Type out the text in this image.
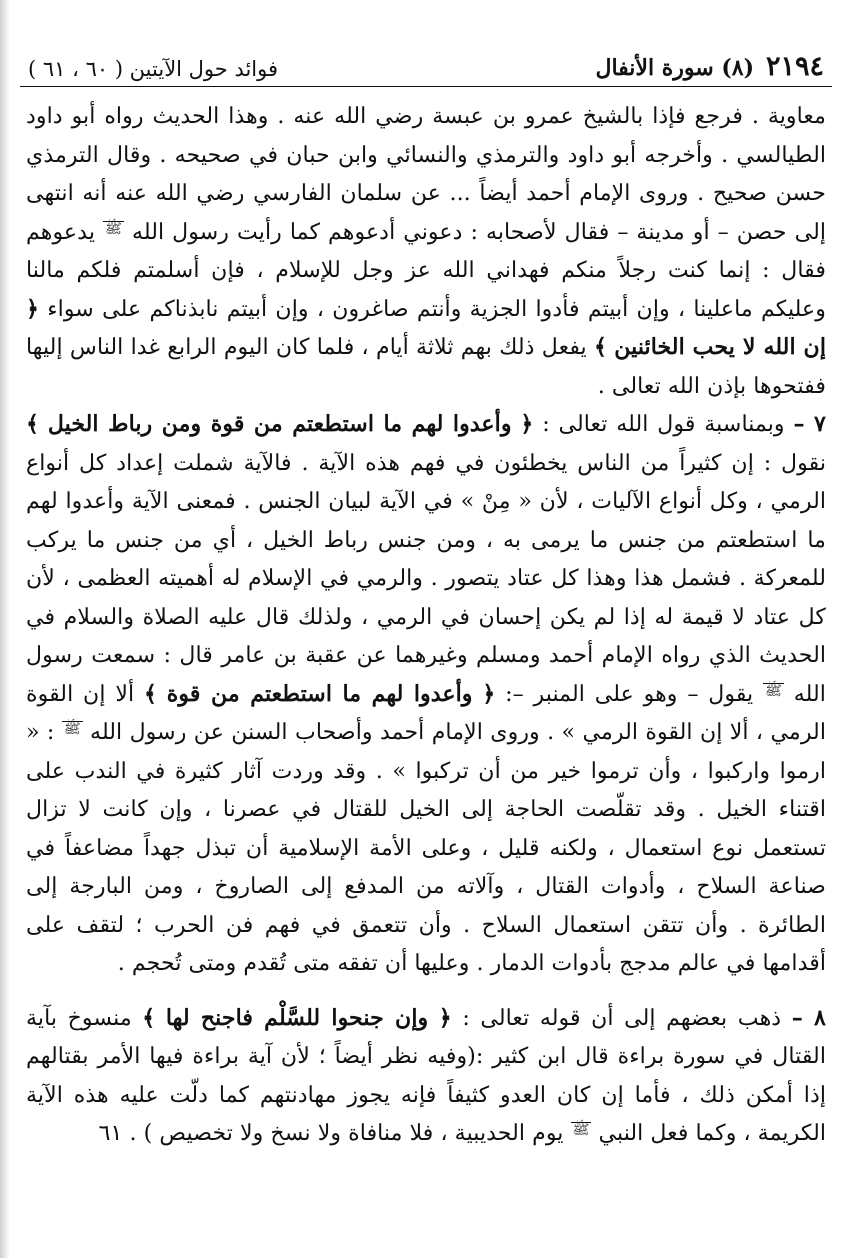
٢١٩٤
(٨) سورة الأنفال
فوائد حول الآيتين ( ٦٠ ، ٦١ )

معاوية . فرجع فإذا بالشيخ عمرو بن عبسة رضي الله عنه . وهذا الحديث رواه أبو داود الطيالسي . وأخرجه أبو داود والترمذي والنسائي وابن حبان في صحيحه . وقال الترمذي حسن صحيح . وروى الإمام أحمد أيضاً ... عن سلمان الفارسي رضي الله عنه أنه انتهى إلى حصن – أو مدينة – فقال لأصحابه : دعوني أدعوهم كما رأيت رسول الله ﷺ يدعوهم فقال : إنما كنت رجلاً منكم فهداني الله عز وجل للإسلام ، فإن أسلمتم فلكم مالنا وعليكم ماعلينا ، وإن أبيتم فأدوا الجزية وأنتم صاغرون ، وإن أبيتم نابذناكم على سواء ﴿ إن الله لا يحب الخائنين ﴾ يفعل ذلك بهم ثلاثة أيام ، فلما كان اليوم الرابع غدا الناس إليها ففتحوها بإذن الله تعالى .

٧ – وبمناسبة قول الله تعالى : ﴿ وأعدوا لهم ما استطعتم من قوة ومن رباط الخيل ﴾ نقول : إن كثيراً من الناس يخطئون في فهم هذه الآية . فالآية شملت إعداد كل أنواع الرمي ، وكل أنواع الآليات ، لأن « مِنْ » في الآية لبيان الجنس . فمعنى الآية وأعدوا لهم ما استطعتم من جنس ما يرمى به ، ومن جنس رباط الخيل ، أي من جنس ما يركب للمعركة . فشمل هذا وهذا كل عتاد يتصور . والرمي في الإسلام له أهميته العظمى ، لأن كل عتاد لا قيمة له إذا لم يكن إحسان في الرمي ، ولذلك قال عليه الصلاة والسلام في الحديث الذي رواه الإمام أحمد ومسلم وغيرهما عن عقبة بن عامر قال : سمعت رسول الله ﷺ يقول – وهو على المنبر –: ﴿ وأعدوا لهم ما استطعتم من قوة ﴾ ألا إن القوة الرمي ، ألا إن القوة الرمي » . وروى الإمام أحمد وأصحاب السنن عن رسول الله ﷺ : « ارموا واركبوا ، وأن ترموا خير من أن تركبوا » . وقد وردت آثار كثيرة في الندب على اقتناء الخيل . وقد تقلّصت الحاجة إلى الخيل للقتال في عصرنا ، وإن كانت لا تزال تستعمل نوع استعمال ، ولكنه قليل ، وعلى الأمة الإسلامية أن تبذل جهداً مضاعفاً في صناعة السلاح ، وأدوات القتال ، وآلاته من المدفع إلى الصاروخ ، ومن البارجة إلى الطائرة . وأن تتقن استعمال السلاح . وأن تتعمق في فهم فن الحرب ؛ لتقف على أقدامها في عالم مدجج بأدوات الدمار . وعليها أن تفقه متى تُقدم ومتى تُحجم .

٨ – ذهب بعضهم إلى أن قوله تعالى : ﴿ وإن جنحوا للسَّلْم فاجنح لها ﴾ منسوخ بآية القتال في سورة براءة قال ابن كثير :(وفيه نظر أيضاً ؛ لأن آية براءة فيها الأمر بقتالهم إذا أمكن ذلك ، فأما إن كان العدو كثيفاً فإنه يجوز مهادنتهم كما دلّت عليه هذه الآية الكريمة ، وكما فعل النبي ﷺ يوم الحديبية ، فلا منافاة ولا نسخ ولا تخصيص ) . ٦١
